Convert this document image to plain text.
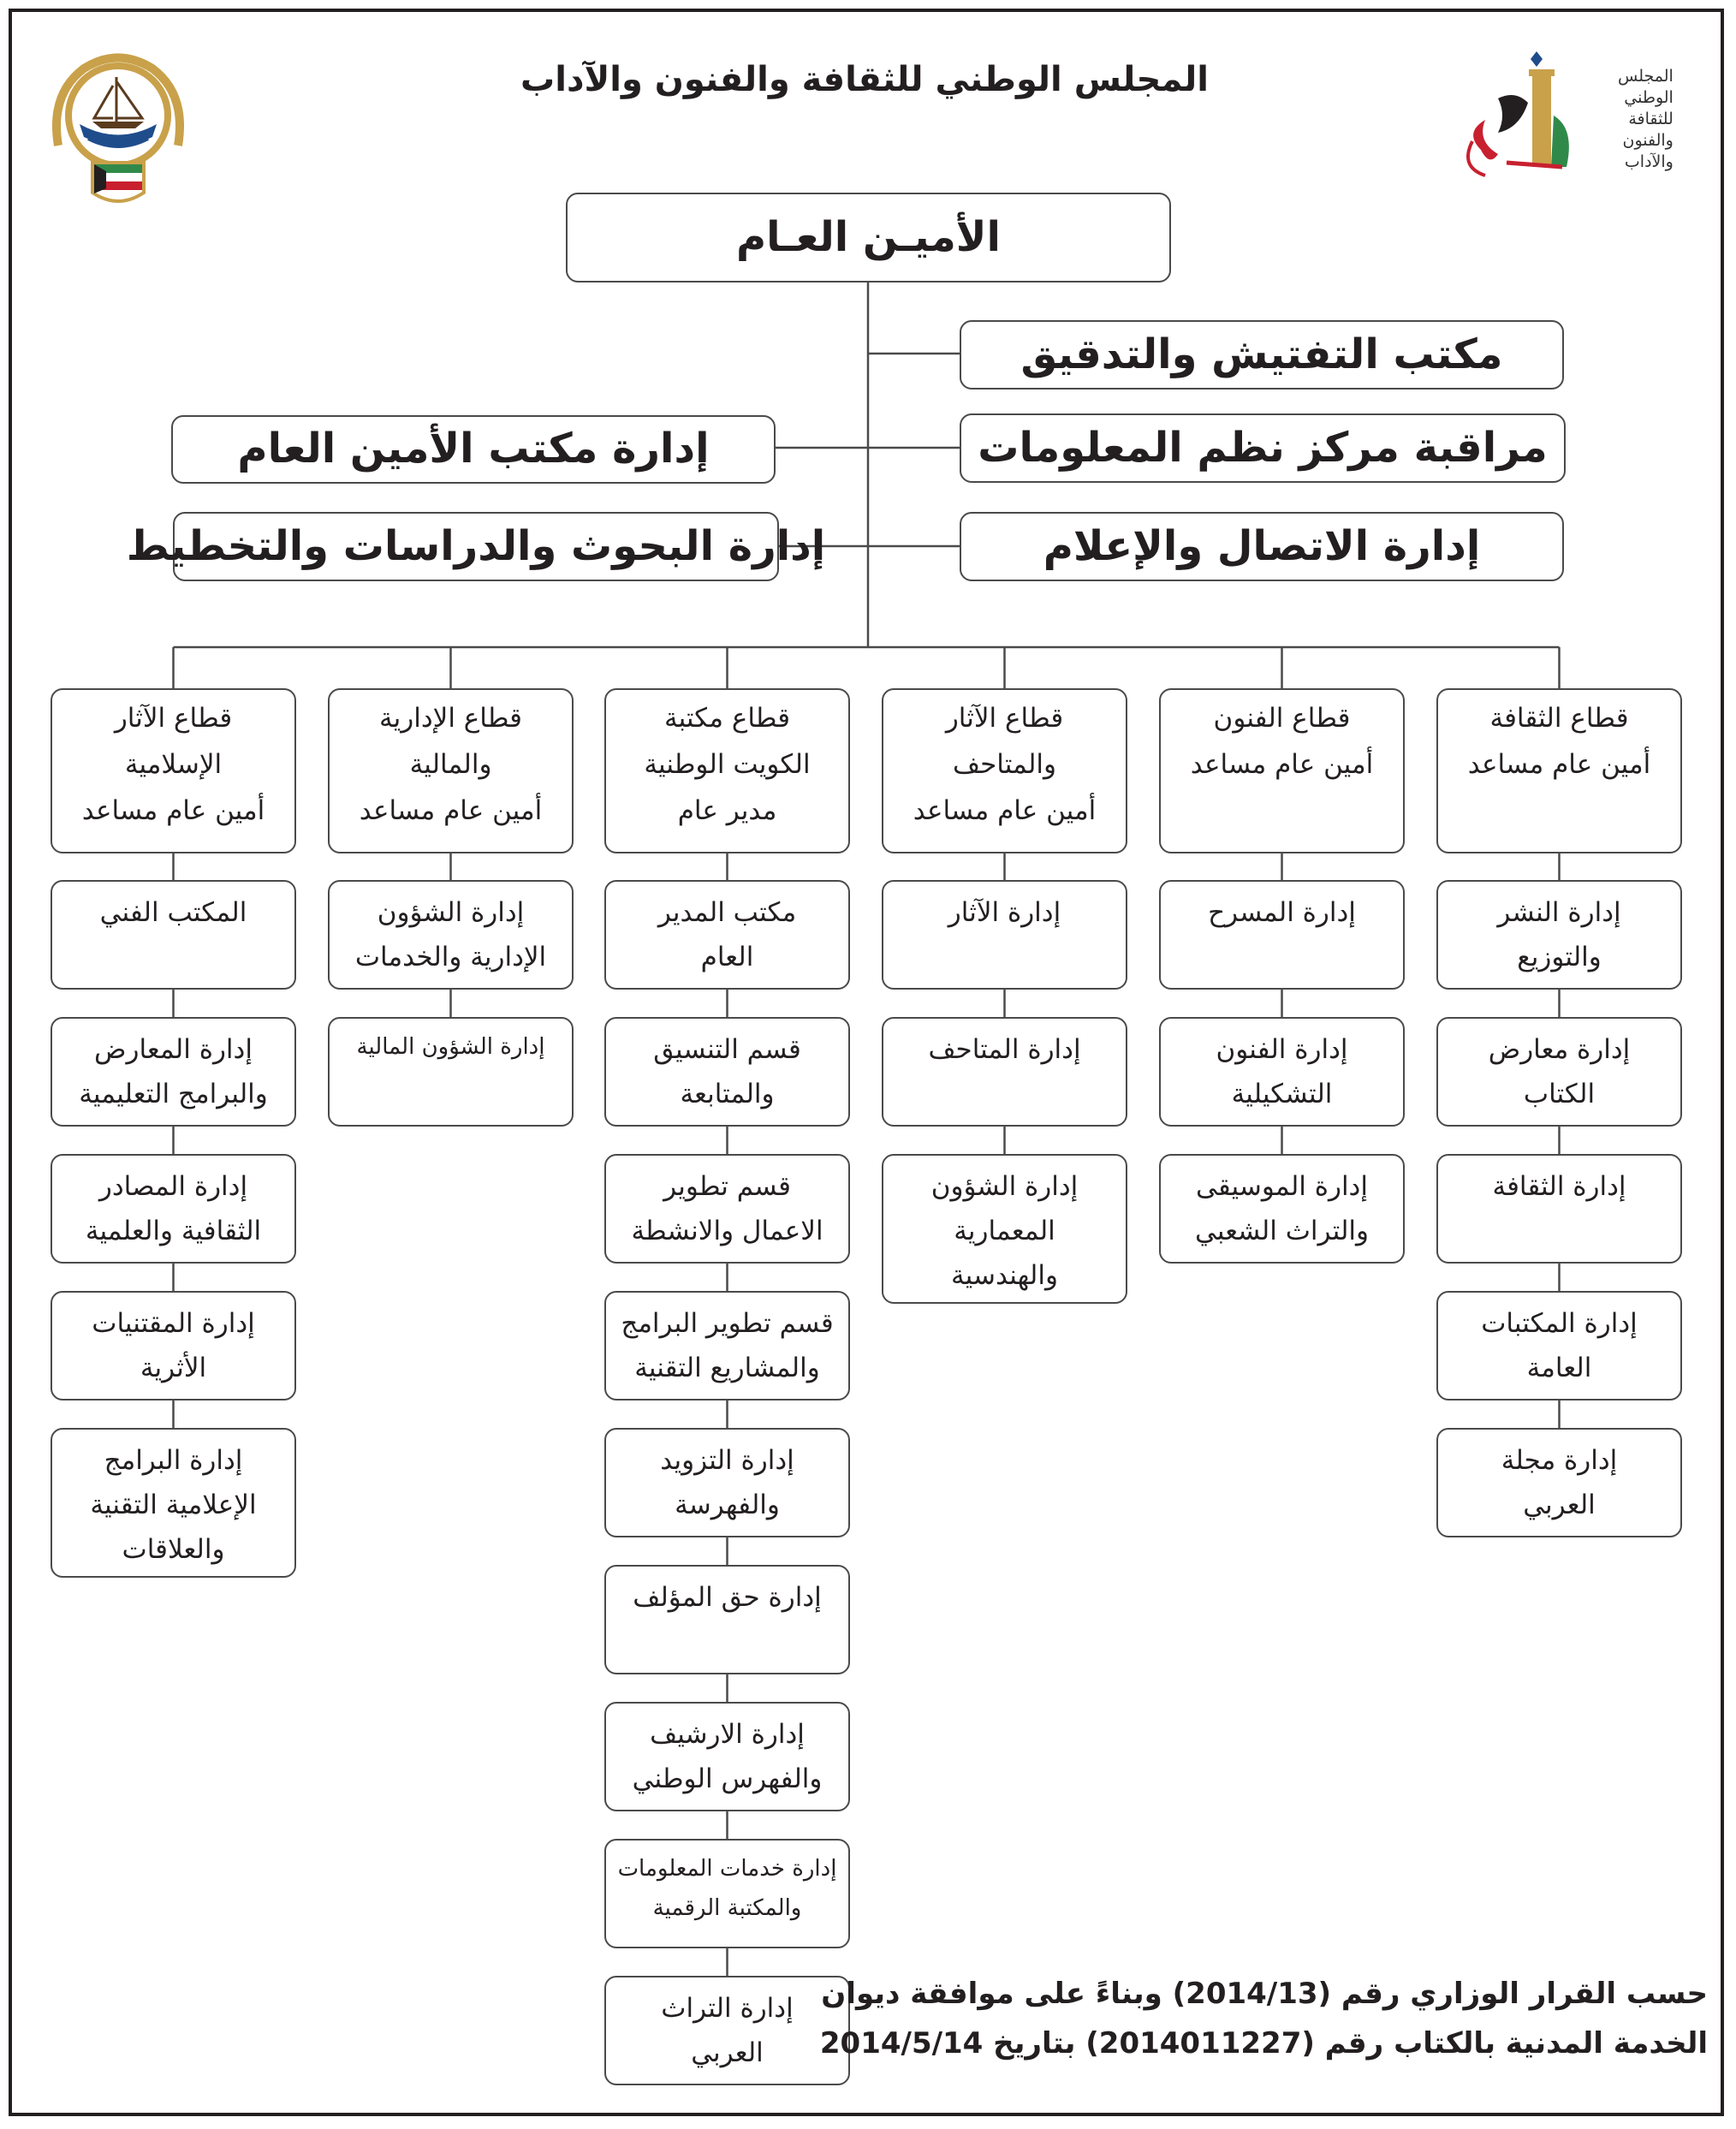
المجلس الوطني للثقافة والفنون والآداب	المجلس
الوطني
للثقافة
والفنون
والآداب
الأميـن العـام
مكتب التفتيش والتدقيق
مراقبة مركز نظم المعلومات
إدارة مكتب الأمين العام
إدارة الاتصال والإعلام
إدارة البحوث والدراسات والتخطيط
قطاع الثقافة
أمين عام مساعد
إدارة النشر
والتوزيع
إدارة معارض
الكتاب
إدارة الثقافة
إدارة المكتبات
العامة
إدارة مجلة
العربي
قطاع الفنون
أمين عام مساعد
إدارة المسرح
إدارة الفنون
التشكيلية
إدارة الموسيقى
والتراث الشعبي
قطاع الآثار
والمتاحف
أمين عام مساعد
إدارة الآثار
إدارة المتاحف
إدارة الشؤون
المعمارية
والهندسية
قطاع مكتبة
الكويت الوطنية
مدير عام
مكتب المدير
العام
قسم التنسيق
والمتابعة
قسم تطوير
الاعمال والانشطة
قسم تطوير البرامج
والمشاريع التقنية
إدارة التزويد
والفهرسة
إدارة حق المؤلف
إدارة الارشيف
والفهرس الوطني
إدارة خدمات المعلومات
والمكتبة الرقمية
إدارة التراث
العربي
قطاع الإدارية
والمالية
أمين عام مساعد
إدارة الشؤون
الإدارية والخدمات
إدارة الشؤون المالية
قطاع الآثار
الإسلامية
أمين عام مساعد
المكتب الفني
إدارة المعارض
والبرامج التعليمية
إدارة المصادر
الثقافية والعلمية
إدارة المقتنيات
الأثرية
إدارة البرامج
الإعلامية التقنية
والعلاقات
حسب القرار الوزاري رقم (2014/13) وبناءً على موافقة ديوان
الخدمة المدنية بالكتاب رقم (2014011227) بتاريخ 2014/5/14
